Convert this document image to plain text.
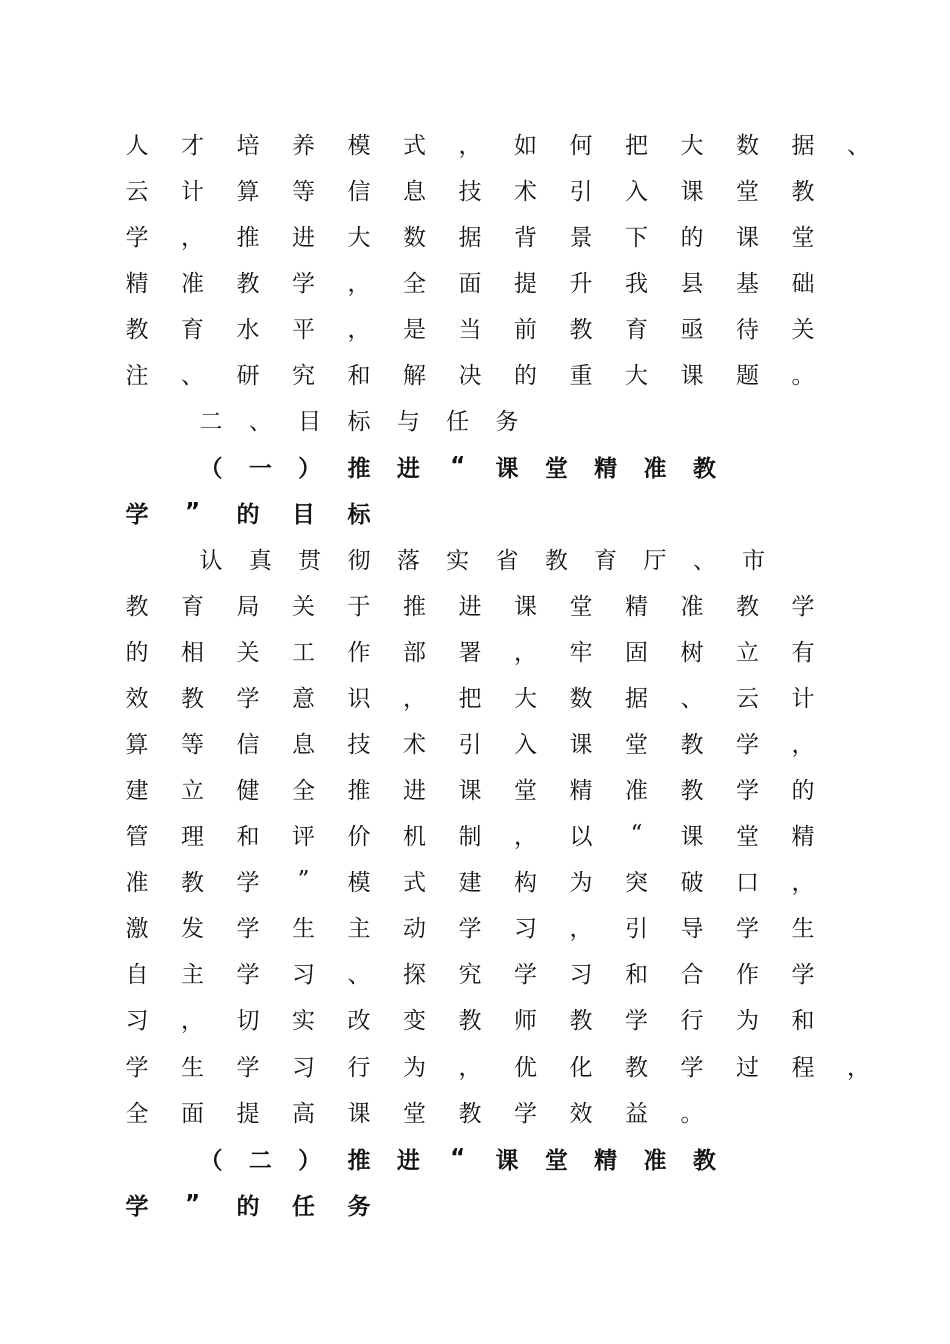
人 才 培 养 模 式 ， 如 何 把 大 数 据 、
云 计 算 等 信 息 技 术 引 入 课 堂 教
学 ， 推 进 大 数 据 背 景 下 的 课 堂
精 准 教 学 ， 全 面 提 升 我 县 基 础
教 育 水 平 ， 是 当 前 教 育 亟 待 关
注 、 研 究 和 解 决 的 重 大 课 题 。
二 、 目 标 与 任 务
（ 一 ） 推 进 “ 课 堂 精 准 教
学 ” 的 目 标
认 真 贯 彻 落 实 省 教 育 厅 、 市
教 育 局 关 于 推 进 课 堂 精 准 教 学
的 相 关 工 作 部 署 ， 牢 固 树 立 有
效 教 学 意 识 ， 把 大 数 据 、 云 计
算 等 信 息 技 术 引 入 课 堂 教 学 ，
建 立 健 全 推 进 课 堂 精 准 教 学 的
管 理 和 评 价 机 制 ， 以	“	课 堂 精
准 教 学	”	模 式 建 构 为 突 破 口 ，
激 发 学 生 主 动 学 习 ， 引 导 学 生
自 主 学 习 、 探 究 学 习 和 合 作 学
习 ， 切 实 改 变 教 师 教 学 行 为 和
学 生 学 习 行 为 ， 优 化 教 学 过 程 ，
全 面 提 高 课 堂 教 学 效 益 。
（ 二 ） 推 进 “ 课 堂 精 准 教
学 ” 的 任 务
